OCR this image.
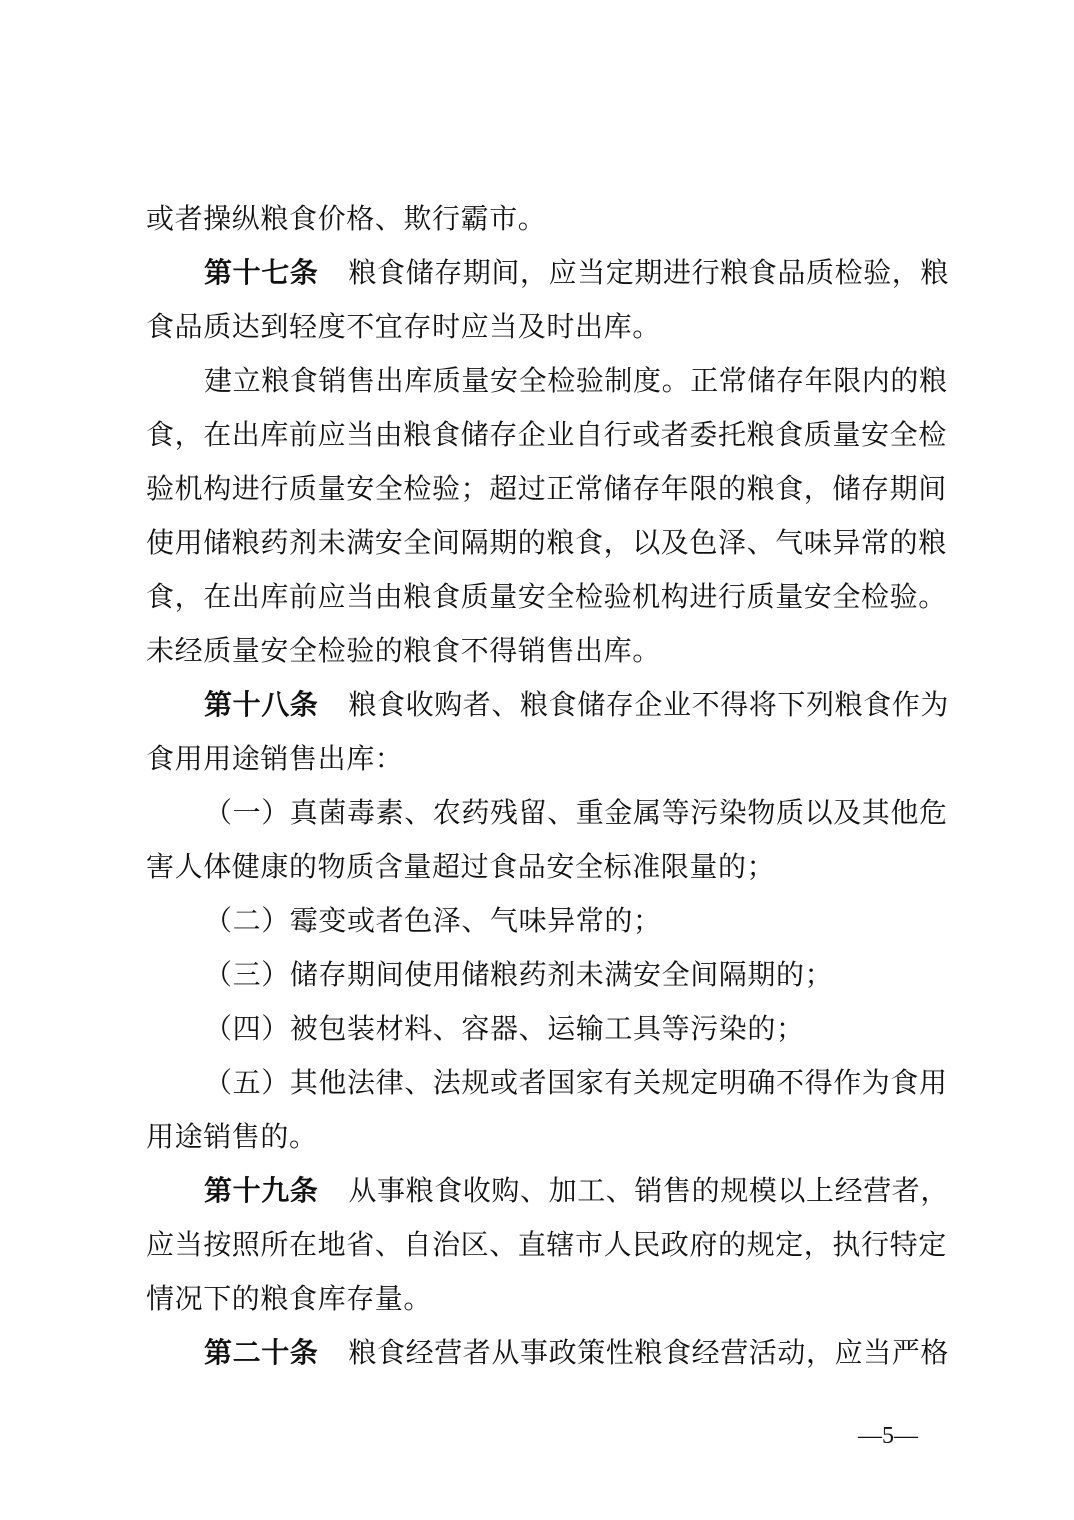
或者操纵粮食价格、欺行霸市。
第十七条 粮食储存期间，应当定期进行粮食品质检验，粮
食品质达到轻度不宜存时应当及时出库。
建立粮食销售出库质量安全检验制度。正常储存年限内的粮
食，在出库前应当由粮食储存企业自行或者委托粮食质量安全检
验机构进行质量安全检验；超过正常储存年限的粮食，储存期间
使用储粮药剂未满安全间隔期的粮食，以及色泽、气味异常的粮
食，在出库前应当由粮食质量安全检验机构进行质量安全检验。
未经质量安全检验的粮食不得销售出库。
第十八条 粮食收购者、粮食储存企业不得将下列粮食作为
食用用途销售出库：
（一）真菌毒素、农药残留、重金属等污染物质以及其他危
害人体健康的物质含量超过食品安全标准限量的；
（二）霉变或者色泽、气味异常的；
（三）储存期间使用储粮药剂未满安全间隔期的；
（四）被包装材料、容器、运输工具等污染的；
（五）其他法律、法规或者国家有关规定明确不得作为食用
用途销售的。
第十九条 从事粮食收购、加工、销售的规模以上经营者，
应当按照所在地省、自治区、直辖市人民政府的规定，执行特定
情况下的粮食库存量。
第二十条 粮食经营者从事政策性粮食经营活动，应当严格
—5—
